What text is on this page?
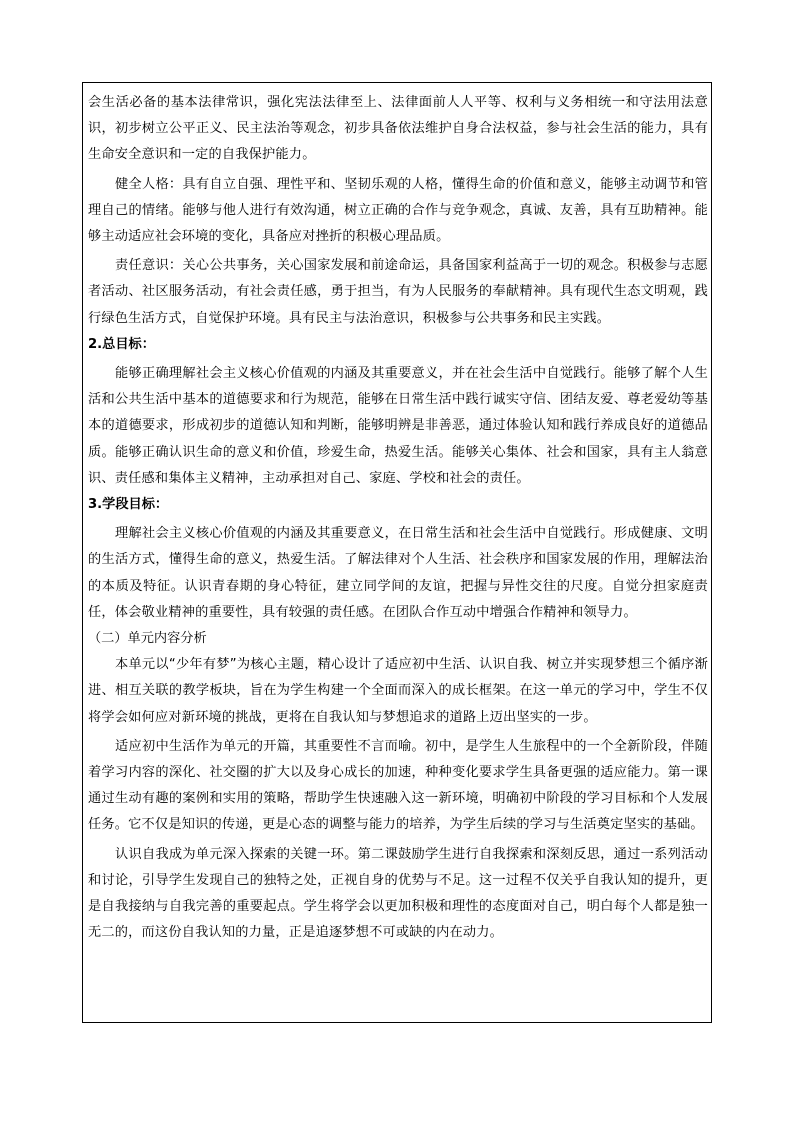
会生活必备的基本法律常识，强化宪法法律至上、法律面前人人平等、权利与义务相统一和守法用法意识，初步树立公平正义、民主法治等观念，初步具备依法维护自身合法权益，参与社会生活的能力，具有生命安全意识和一定的自我保护能力。

健全人格：具有自立自强、理性平和、坚韧乐观的人格，懂得生命的价值和意义，能够主动调节和管理自己的情绪。能够与他人进行有效沟通，树立正确的合作与竞争观念，真诚、友善，具有互助精神。能够主动适应社会环境的变化，具备应对挫折的积极心理品质。

责任意识：关心公共事务，关心国家发展和前途命运，具备国家利益高于一切的观念。积极参与志愿者活动、社区服务活动，有社会责任感，勇于担当，有为人民服务的奉献精神。具有现代生态文明观，践行绿色生活方式，自觉保护环境。具有民主与法治意识，积极参与公共事务和民主实践。

2.总目标：

能够正确理解社会主义核心价值观的内涵及其重要意义，并在社会生活中自觉践行。能够了解个人生活和公共生活中基本的道德要求和行为规范，能够在日常生活中践行诚实守信、团结友爱、尊老爱幼等基本的道德要求，形成初步的道德认知和判断，能够明辨是非善恶，通过体验认知和践行养成良好的道德品质。能够正确认识生命的意义和价值，珍爱生命，热爱生活。能够关心集体、社会和国家，具有主人翁意识、责任感和集体主义精神，主动承担对自己、家庭、学校和社会的责任。

3.学段目标：

理解社会主义核心价值观的内涵及其重要意义，在日常生活和社会生活中自觉践行。形成健康、文明的生活方式，懂得生命的意义，热爱生活。了解法律对个人生活、社会秩序和国家发展的作用，理解法治的本质及特征。认识青春期的身心特征，建立同学间的友谊，把握与异性交往的尺度。自觉分担家庭责任，体会敬业精神的重要性，具有较强的责任感。在团队合作互动中增强合作精神和领导力。

（二）单元内容分析

本单元以“少年有梦”为核心主题，精心设计了适应初中生活、认识自我、树立并实现梦想三个循序渐进、相互关联的教学板块，旨在为学生构建一个全面而深入的成长框架。在这一单元的学习中，学生不仅将学会如何应对新环境的挑战，更将在自我认知与梦想追求的道路上迈出坚实的一步。

适应初中生活作为单元的开篇，其重要性不言而喻。初中，是学生人生旅程中的一个全新阶段，伴随着学习内容的深化、社交圈的扩大以及身心成长的加速，种种变化要求学生具备更强的适应能力。第一课通过生动有趣的案例和实用的策略，帮助学生快速融入这一新环境，明确初中阶段的学习目标和个人发展任务。它不仅是知识的传递，更是心态的调整与能力的培养，为学生后续的学习与生活奠定坚实的基础。

认识自我成为单元深入探索的关键一环。第二课鼓励学生进行自我探索和深刻反思，通过一系列活动和讨论，引导学生发现自己的独特之处，正视自身的优势与不足。这一过程不仅关乎自我认知的提升，更是自我接纳与自我完善的重要起点。学生将学会以更加积极和理性的态度面对自己，明白每个人都是独一无二的，而这份自我认知的力量，正是追逐梦想不可或缺的内在动力。
